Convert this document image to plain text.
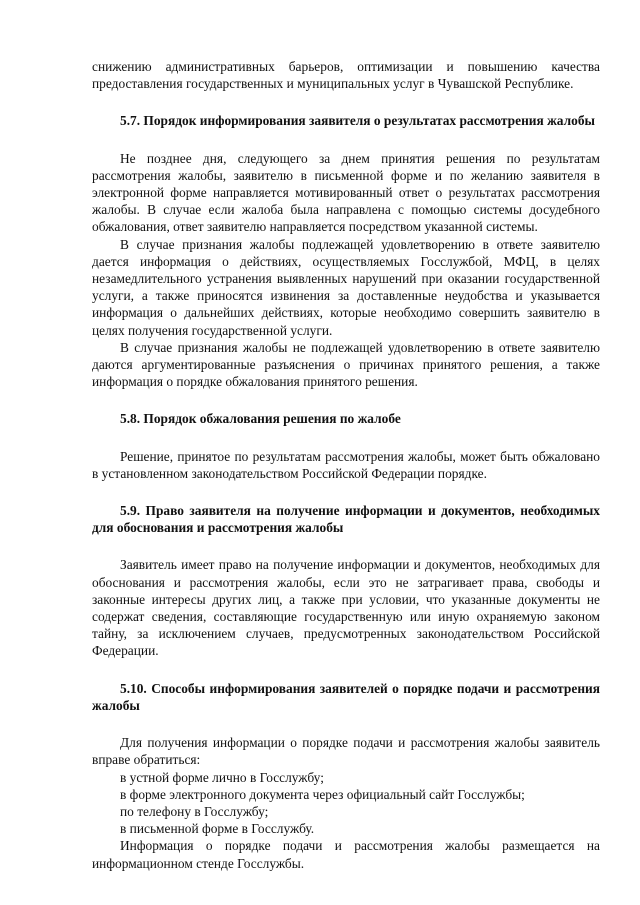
снижению административных барьеров, оптимизации и повышению качества предоставления государственных и муниципальных услуг в Чувашской Республике.

5.7. Порядок информирования заявителя о результатах рассмотрения жалобы

Не позднее дня, следующего за днем принятия решения по результатам рассмотрения жалобы, заявителю в письменной форме и по желанию заявителя в электронной форме направляется мотивированный ответ о результатах рассмотрения жалобы. В случае если жалоба была направлена с помощью системы досудебного обжалования, ответ заявителю направляется посредством указанной системы.

В случае признания жалобы подлежащей удовлетворению в ответе заявителю дается информация о действиях, осуществляемых Госслужбой, МФЦ, в целях незамедлительного устранения выявленных нарушений при оказании государственной услуги, а также приносятся извинения за доставленные неудобства и указывается информация о дальнейших действиях, которые необходимо совершить заявителю в целях получения государственной услуги.

В случае признания жалобы не подлежащей удовлетворению в ответе заявителю даются аргументированные разъяснения о причинах принятого решения, а также информация о порядке обжалования принятого решения.

5.8. Порядок обжалования решения по жалобе

Решение, принятое по результатам рассмотрения жалобы, может быть обжаловано в установленном законодательством Российской Федерации порядке.

5.9. Право заявителя на получение информации и документов, необходимых для обоснования и рассмотрения жалобы

Заявитель имеет право на получение информации и документов, необходимых для обоснования и рассмотрения жалобы, если это не затрагивает права, свободы и законные интересы других лиц, а также при условии, что указанные документы не содержат сведения, составляющие государственную или иную охраняемую законом тайну, за исключением случаев, предусмотренных законодательством Российской Федерации.

5.10. Способы информирования заявителей о порядке подачи и рассмотрения жалобы

Для получения информации о порядке подачи и рассмотрения жалобы заявитель вправе обратиться:

в устной форме лично в Госслужбу;

в форме электронного документа через официальный сайт Госслужбы;

по телефону в Госслужбу;

в письменной форме в Госслужбу.

Информация о порядке подачи и рассмотрения жалобы размещается на информационном стенде Госслужбы.
